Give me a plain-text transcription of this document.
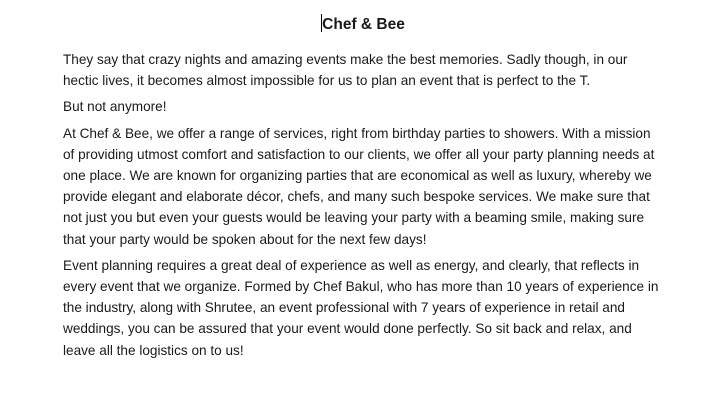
Chef & Bee

They say that crazy nights and amazing events make the best memories. Sadly though, in our hectic lives, it becomes almost impossible for us to plan an event that is perfect to the T.

But not anymore!

At Chef & Bee, we offer a range of services, right from birthday parties to showers. With a mission of providing utmost comfort and satisfaction to our clients, we offer all your party planning needs at one place. We are known for organizing parties that are economical as well as luxury, whereby we provide elegant and elaborate décor, chefs, and many such bespoke services. We make sure that not just you but even your guests would be leaving your party with a beaming smile, making sure that your party would be spoken about for the next few days!

Event planning requires a great deal of experience as well as energy, and clearly, that reflects in every event that we organize. Formed by Chef Bakul, who has more than 10 years of experience in the industry, along with Shrutee, an event professional with 7 years of experience in retail and weddings, you can be assured that your event would done perfectly. So sit back and relax, and leave all the logistics on to us!
